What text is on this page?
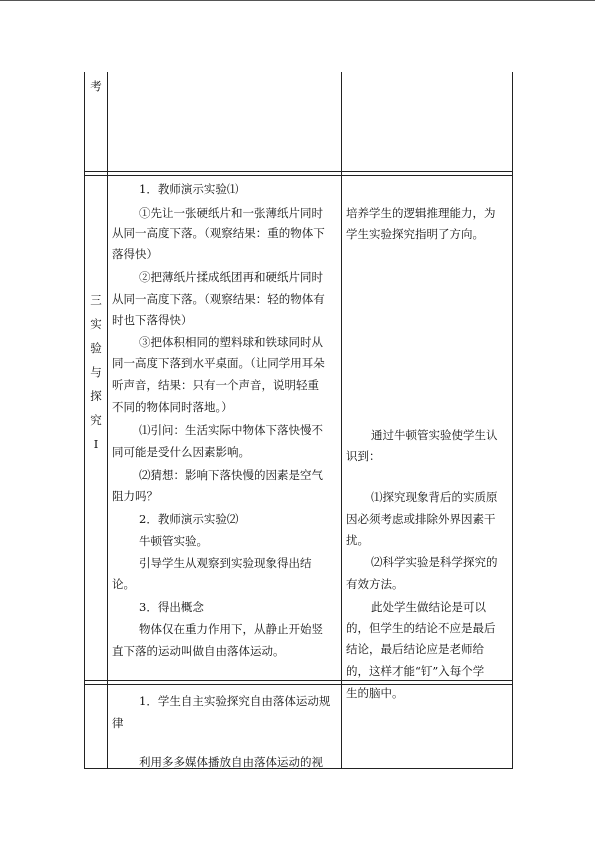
考
三
实
验
与
探
究
Ⅰ
1．教师演示实验⑴
①先让一张硬纸片和一张薄纸片同时
从同一高度下落。（观察结果：重的物体下
落得快）
②把薄纸片揉成纸团再和硬纸片同时
从同一高度下落。（观察结果：轻的物体有
时也下落得快）
③把体积相同的塑料球和铁球同时从
同一高度下落到水平桌面。（让同学用耳朵
听声音，结果：只有一个声音，说明轻重
不同的物体同时落地。）
⑴引问：生活实际中物体下落快慢不
同可能是受什么因素影响。
⑵猜想：影响下落快慢的因素是空气
阻力吗？
2．教师演示实验⑵
牛顿管实验。
引导学生从观察到实验现象得出结
论。
3．得出概念
物体仅在重力作用下，从静止开始竖
直下落的运动叫做自由落体运动。
培养学生的逻辑推理能力，为
学生实验探究指明了方向。
通过牛顿管实验使学生认
识到：
⑴探究现象背后的实质原
因必须考虑或排除外界因素干
扰。
⑵科学实验是科学探究的
有效方法。
此处学生做结论是可以
的，但学生的结论不应是最后
结论，最后结论应是老师给
的，这样才能“钉”入每个学
生的脑中。
1．学生自主实验探究自由落体运动规
律
利用多多媒体播放自由落体运动的视
